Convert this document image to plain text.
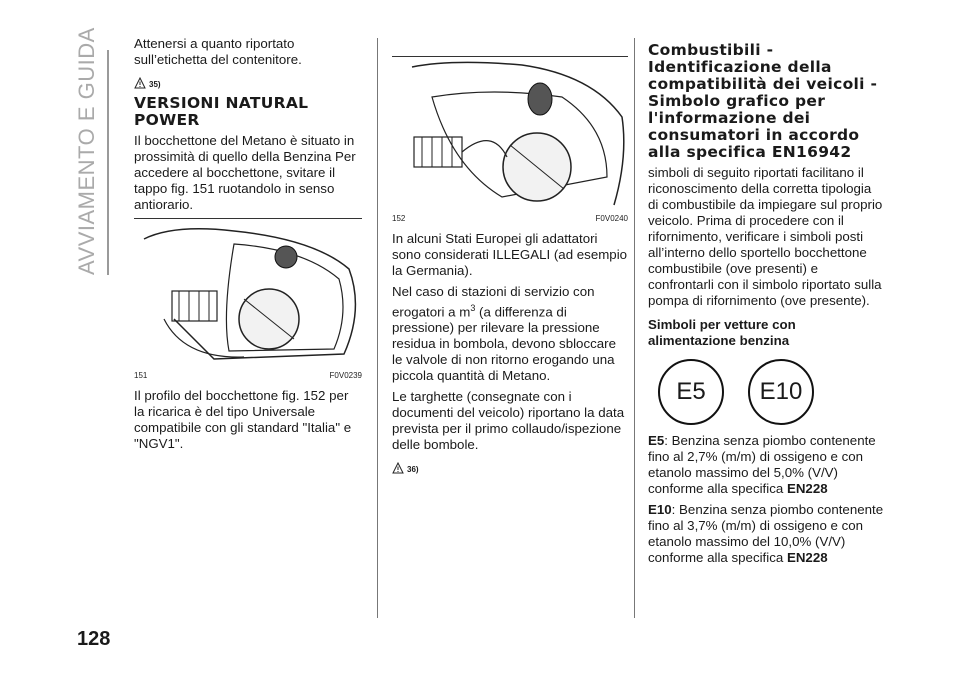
AVVIAMENTO E GUIDA
128

Attenersi a quanto riportato sull’etichetta del contenitore.

35)
VERSIONI NATURAL POWER

Il bocchettone del Metano è situato in prossimità di quello della Benzina Per accedere al bocchettone, svitare il tappo fig. 151 ruotandolo in senso antiorario.

151	F0V0239

Il profilo del bocchettone fig. 152 per la ricarica è del tipo Universale compatibile con gli standard "Italia" e "NGV1".

152	F0V0240

In alcuni Stati Europei gli adattatori sono considerati ILLEGALI (ad esempio la Germania).

Nel caso di stazioni di servizio con erogatori a $m^3$ (a differenza di pressione) per rilevare la pressione residua in bombola, devono sbloccare le valvole di non ritorno erogando una piccola quantità di Metano.

Le targhette (consegnate con i documenti del veicolo) riportano la data prevista per il primo collaudo/ispezione delle bombole.

36)
Combustibili - Identificazione della compatibilità dei veicoli - Simbolo grafico per l'informazione dei consumatori in accordo alla specifica EN16942

simboli di seguito riportati facilitano il riconoscimento della corretta tipologia di combustibile da impiegare sul proprio veicolo. Prima di procedere con il rifornimento, verificare i simboli posti all’interno dello sportello bocchettone combustibile (ove presenti) e confrontarli con il simbolo riportato sulla pompa di rifornimento (ove presente).

Simboli per vetture con alimentazione benzina
E5	E10

E5: Benzina senza piombo contenente fino al 2,7% (m/m) di ossigeno e con etanolo massimo del 5,0% (V/V) conforme alla specifica EN228

E10: Benzina senza piombo contenente fino al 3,7% (m/m) di ossigeno e con etanolo massimo del 10,0% (V/V) conforme alla specifica EN228
